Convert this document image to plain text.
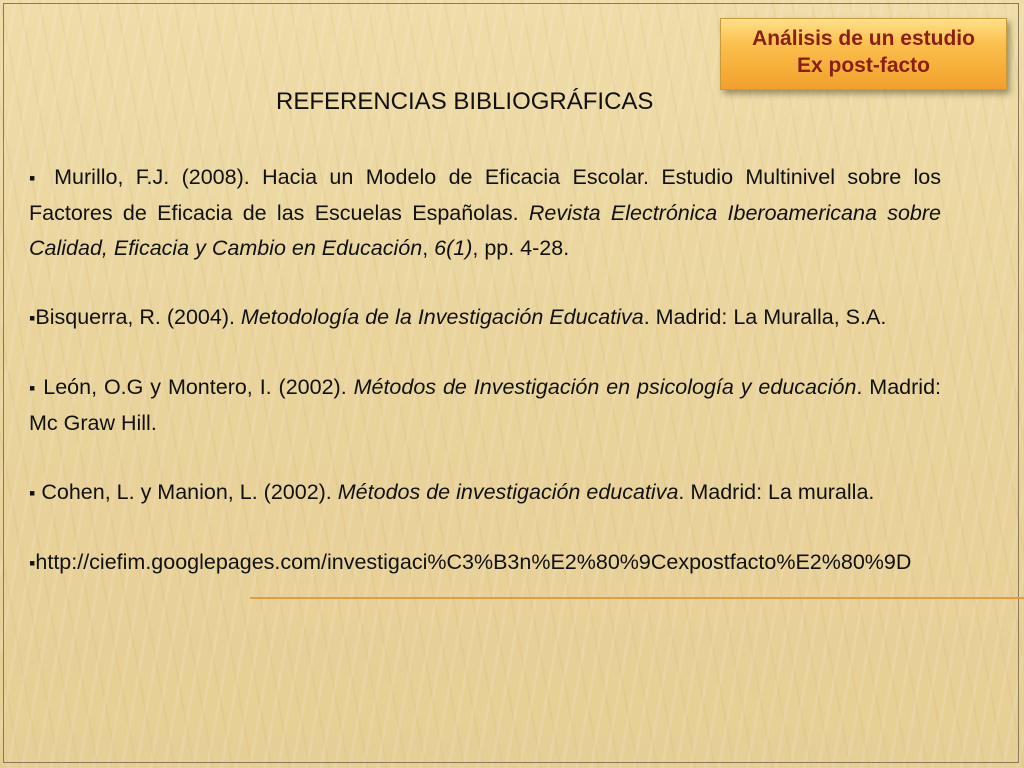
Análisis de un estudio
Ex post-facto
REFERENCIAS BIBLIOGRÁFICAS

▪ Murillo, F.J. (2008). Hacia un Modelo de Eficacia Escolar. Estudio Multinivel sobre los Factores de Eficacia de las Escuelas Españolas. Revista Electrónica Iberoamericana sobre Calidad, Eficacia y Cambio en Educación, 6(1), pp. 4-28.

▪Bisquerra, R. (2004). Metodología de la Investigación Educativa. Madrid: La Muralla, S.A.

▪ León, O.G y Montero, I. (2002). Métodos de Investigación en psicología y educación. Madrid: Mc Graw Hill.

▪ Cohen, L. y Manion, L. (2002). Métodos de investigación educativa. Madrid: La muralla.

▪http://ciefim.googlepages.com/investigaci%C3%B3n%E2%80%9Cexpostfacto%E2%80%9D
